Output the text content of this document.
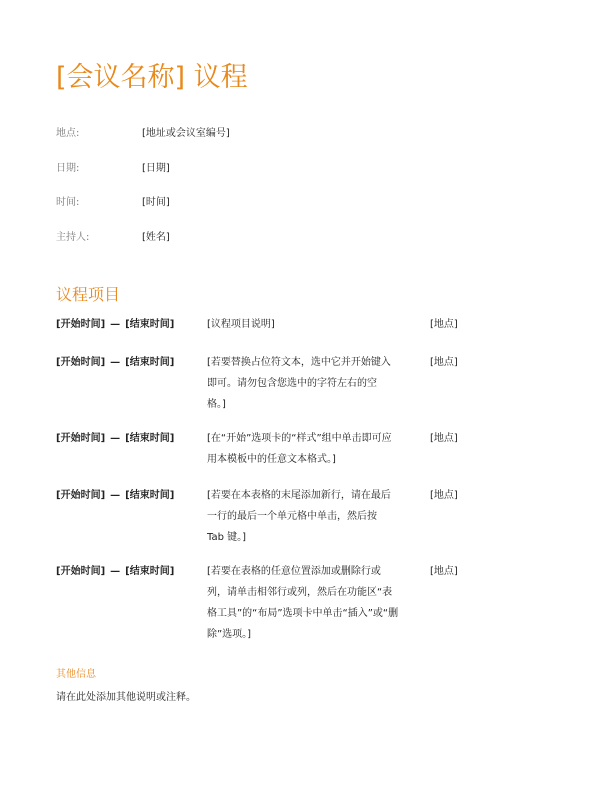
[会议名称] 议程
地点:	[地址或会议室编号]
日期:	[日期]
时间:	[时间]
主持人:	[姓名]
议程项目
[开始时间] — [结束时间]	[议程项目说明]	[地点]
[开始时间] — [结束时间]	[若要替换占位符文本，选中它并开始键入
即可。请勿包含您选中的字符左右的空
格。]
[地点]
[开始时间] — [结束时间]	[在“开始”选项卡的“样式”组中单击即可应
用本模板中的任意文本格式。]
[地点]
[开始时间] — [结束时间]	[若要在本表格的末尾添加新行，请在最后
一行的最后一个单元格中单击，然后按
Tab 键。]
[地点]
[开始时间] — [结束时间]	[若要在表格的任意位置添加或删除行或
列，请单击相邻行或列，然后在功能区“表
格工具”的“布局”选项卡中单击“插入”或“删
除”选项。]
[地点]
其他信息
请在此处添加其他说明或注释。
